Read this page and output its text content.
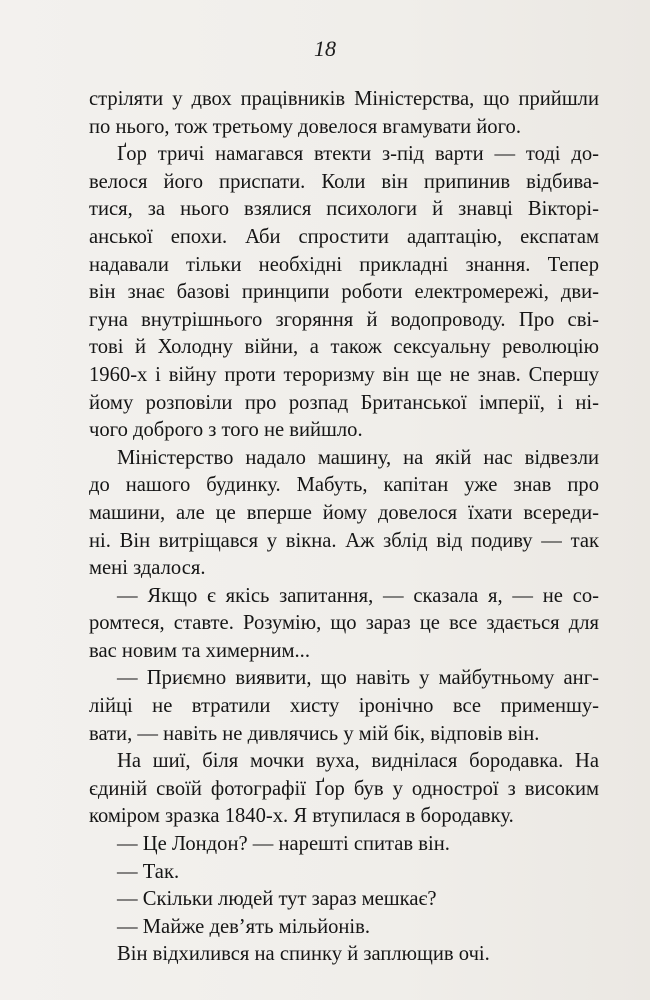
18
стріляти у двох працівників Міністерства, що прийшли
по нього, тож третьому довелося вгамувати його.
Ґор тричі намагався втекти з-під варти — тоді до-
велося його приспати. Коли він припинив відбива-
тися, за нього взялися психологи й знавці Вікторі-
анської епохи. Аби спростити адаптацію, експатам
надавали тільки необхідні прикладні знання. Тепер
він знає базові принципи роботи електромережі, дви-
гуна внутрішнього згоряння й водопроводу. Про сві-
тові й Холодну війни, а також сексуальну революцію
1960-х і війну проти тероризму він ще не знав. Спершу
йому розповіли про розпад Британської імперії, і ні-
чого доброго з того не вийшло.
Міністерство надало машину, на якій нас відвезли
до нашого будинку. Мабуть, капітан уже знав про
машини, але це вперше йому довелося їхати всереди-
ні. Він витріщався у вікна. Аж зблід від подиву — так
мені здалося.
— Якщо є якісь запитання, — сказала я, — не со-
ромтеся, ставте. Розумію, що зараз це все здається для
вас новим та химерним...
— Приємно виявити, що навіть у майбутньому анг-
лійці не втратили хисту іронічно все применшу-
вати, — навіть не дивлячись у мій бік, відповів він.
На шиї, біля мочки вуха, виднілася бородавка. На
єдиній своїй фотографії Ґор був у однострої з високим
коміром зразка 1840-х. Я втупилася в бородавку.
— Це Лондон? — нарешті спитав він.
— Так.
— Скільки людей тут зараз мешкає?
— Майже дев’ять мільйонів.
Він відхилився на спинку й заплющив очі.
